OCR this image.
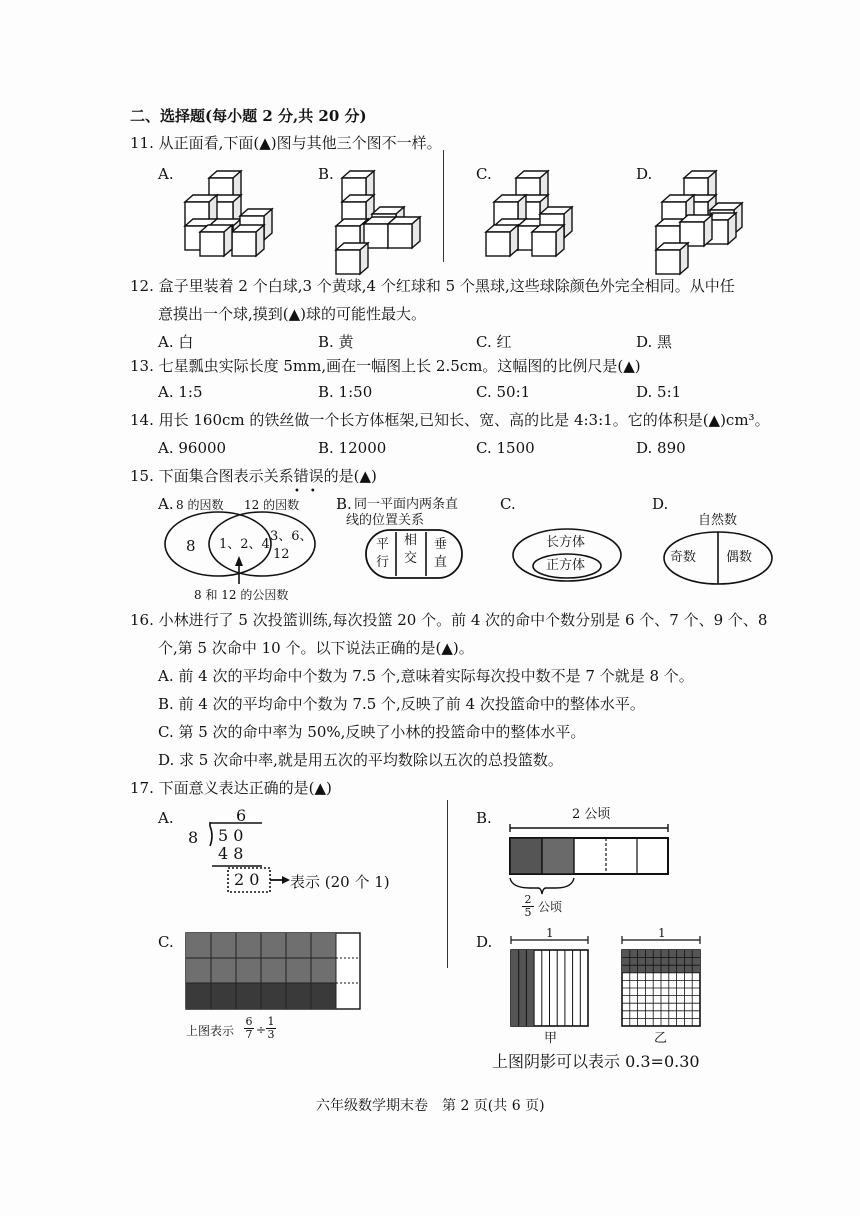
二、选择题(每小题 2 分,共 20 分)
11. 从正面看,下面(▲)图与其他三个图不一样。
A.	B.	C.	D.
12. 盒子里装着 2 个白球,3 个黄球,4 个红球和 5 个黑球,这些球除颜色外完全相同。从中任
意摸出一个球,摸到(▲)球的可能性最大。
A. 白	B. 黄	C. 红	D. 黑
13. 七星瓢虫实际长度 5mm,画在一幅图上长 2.5cm。这幅图的比例尺是(▲)
A. 1:5	B. 1:50	C. 50:1	D. 5:1
14. 用长 160cm 的铁丝做一个长方体框架,已知长、宽、高的比是 4:3:1。它的体积是(▲)cm³。
A. 96000	B. 12000	C. 1500	D. 890
15. 下面集合图表示关系错误的是(▲)
••
A. 8 的因数 12 的因数
8 1、2、4
3、6、
12
8 和 12 的公因数
B. 同一平面内两条直
线的位置关系
平
行
相
交
垂
直
C.
长方体
正方体
D.
自然数
奇数 偶数
16. 小林进行了 5 次投篮训练,每次投篮 20 个。前 4 次的命中个数分别是 6 个、7 个、9 个、8
个,第 5 次命中 10 个。以下说法正确的是(▲)。
A. 前 4 次的平均命中个数为 7.5 个,意味着实际每次投中数不是 7 个就是 8 个。
B. 前 4 次的平均命中个数为 7.5 个,反映了前 4 次投篮命中的整体水平。
C. 第 5 次的命中率为 50%,反映了小林的投篮命中的整体水平。
D. 求 5 次命中率,就是用五次的平均数除以五次的总投篮数。
17. 下面意义表达正确的是(▲)
A.	6
8 5 0
4 8
2 0 表示 (20 个 1)
B.	2 公顷
$\frac{2}{5}$ 公顷
C.
上图表示 $\frac{6}{7} \div \frac{1}{3}$
D.	1	1
甲	乙
上图阴影可以表示 0.3=0.30
六年级数学期末卷　第 2 页(共 6 页)
